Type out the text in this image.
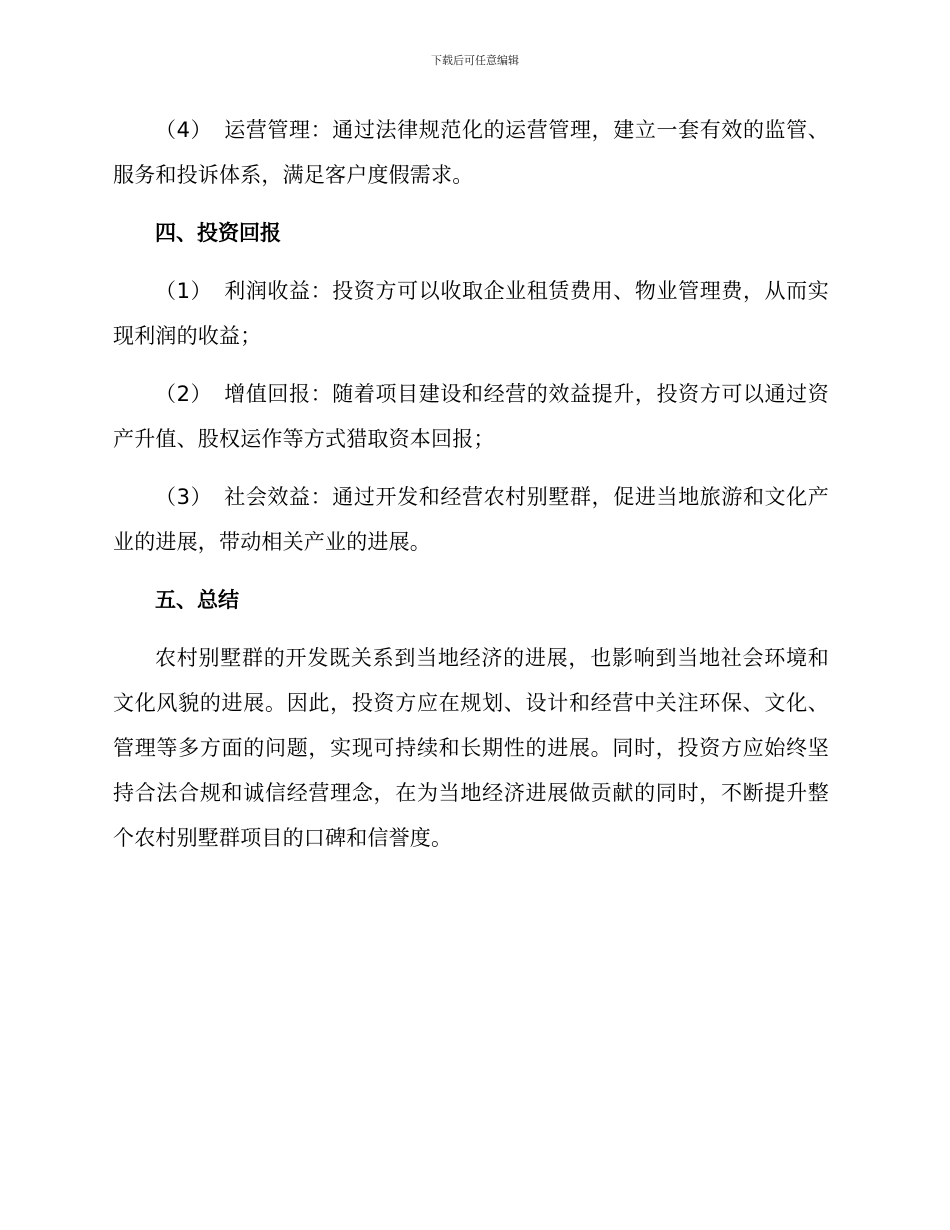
下载后可任意编辑

（4） 运营管理：通过法律规范化的运营管理，建立一套有效的监管、服务和投诉体系，满足客户度假需求。

四、投资回报

（1） 利润收益：投资方可以收取企业租赁费用、物业管理费，从而实现利润的收益；

（2） 增值回报：随着项目建设和经营的效益提升，投资方可以通过资产升值、股权运作等方式猎取资本回报；

（3） 社会效益：通过开发和经营农村别墅群，促进当地旅游和文化产业的进展，带动相关产业的进展。

五、总结

农村别墅群的开发既关系到当地经济的进展，也影响到当地社会环境和文化风貌的进展。因此，投资方应在规划、设计和经营中关注环保、文化、管理等多方面的问题，实现可持续和长期性的进展。同时，投资方应始终坚持合法合规和诚信经营理念，在为当地经济进展做贡献的同时，不断提升整个农村别墅群项目的口碑和信誉度。
